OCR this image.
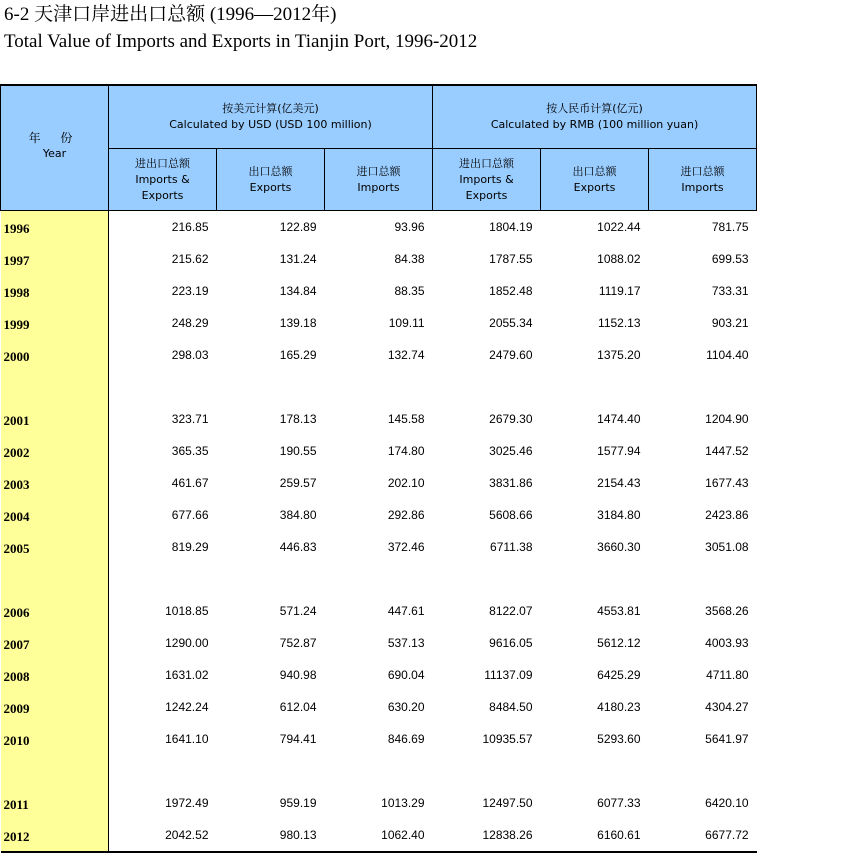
6-2 天津口岸进出口总额 (1996—2012年)
Total Value of Imports and Exports in Tianjin Port, 1996-2012
年 份
Year	按美元计算(亿美元)
Calculated by USD (USD 100 million)			按人民币计算(亿元)
Calculated by RMB (100 million yuan)		

	进出口总额
Imports &
Exports	出口总额
Exports	进口总额
Imports	进出口总额
Imports &
Exports	出口总额
Exports	进口总额
Imports

1996	216.85	122.89	93.96	1804.19	1022.44	781.75
1997	215.62	131.24	84.38	1787.55	1088.02	699.53
1998	223.19	134.84	88.35	1852.48	1119.17	733.31
1999	248.29	139.18	109.11	2055.34	1152.13	903.21
2000	298.03	165.29	132.74	2479.60	1375.20	1104.40

2001	323.71	178.13	145.58	2679.30	1474.40	1204.90
2002	365.35	190.55	174.80	3025.46	1577.94	1447.52
2003	461.67	259.57	202.10	3831.86	2154.43	1677.43
2004	677.66	384.80	292.86	5608.66	3184.80	2423.86
2005	819.29	446.83	372.46	6711.38	3660.30	3051.08

2006	1018.85	571.24	447.61	8122.07	4553.81	3568.26
2007	1290.00	752.87	537.13	9616.05	5612.12	4003.93
2008	1631.02	940.98	690.04	11137.09	6425.29	4711.80
2009	1242.24	612.04	630.20	8484.50	4180.23	4304.27
2010	1641.10	794.41	846.69	10935.57	5293.60	5641.97

2011	1972.49	959.19	1013.29	12497.50	6077.33	6420.10
2012	2042.52	980.13	1062.40	12838.26	6160.61	6677.72
